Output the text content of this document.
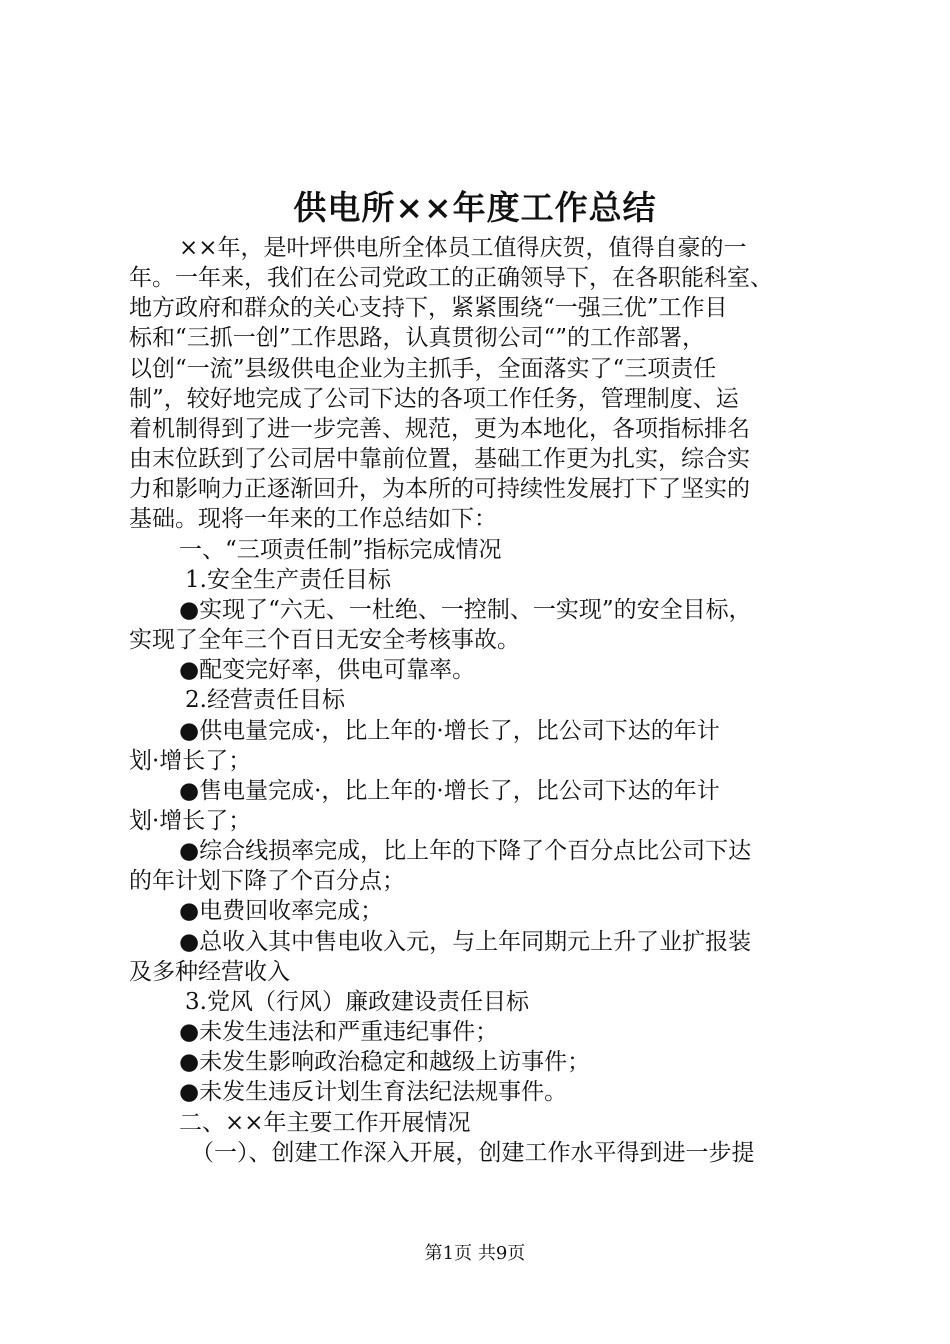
供电所××年度工作总结

××年，是叶坪供电所全体员工值得庆贺，值得自豪的一

年。一年来，我们在公司党政工的正确领导下，在各职能科室、

地方政府和群众的关心支持下，紧紧围绕“一强三优”工作目

标和“三抓一创”工作思路，认真贯彻公司“”的工作部署，

以创“一流”县级供电企业为主抓手，全面落实了“三项责任

制”，较好地完成了公司下达的各项工作任务，管理制度、运

着机制得到了进一步完善、规范，更为本地化，各项指标排名

由末位跃到了公司居中靠前位置，基础工作更为扎实，综合实

力和影响力正逐渐回升，为本所的可持续性发展打下了坚实的

基础。现将一年来的工作总结如下：

一、“三项责任制”指标完成情况

1.安全生产责任目标

●实现了“六无、一杜绝、一控制、一实现”的安全目标，

实现了全年三个百日无安全考核事故。

●配变完好率，供电可靠率。

2.经营责任目标

●供电量完成·，比上年的·增长了，比公司下达的年计

划·增长了；

●售电量完成·，比上年的·增长了，比公司下达的年计

划·增长了；

●综合线损率完成，比上年的下降了个百分点比公司下达

的年计划下降了个百分点；

●电费回收率完成；

●总收入其中售电收入元，与上年同期元上升了业扩报装

及多种经营收入

3.党风（行风）廉政建设责任目标

●未发生违法和严重违纪事件；

●未发生影响政治稳定和越级上访事件；

●未发生违反计划生育法纪法规事件。

二、××年主要工作开展情况

（一）、创建工作深入开展，创建工作水平得到进一步提

第1页 共9页
